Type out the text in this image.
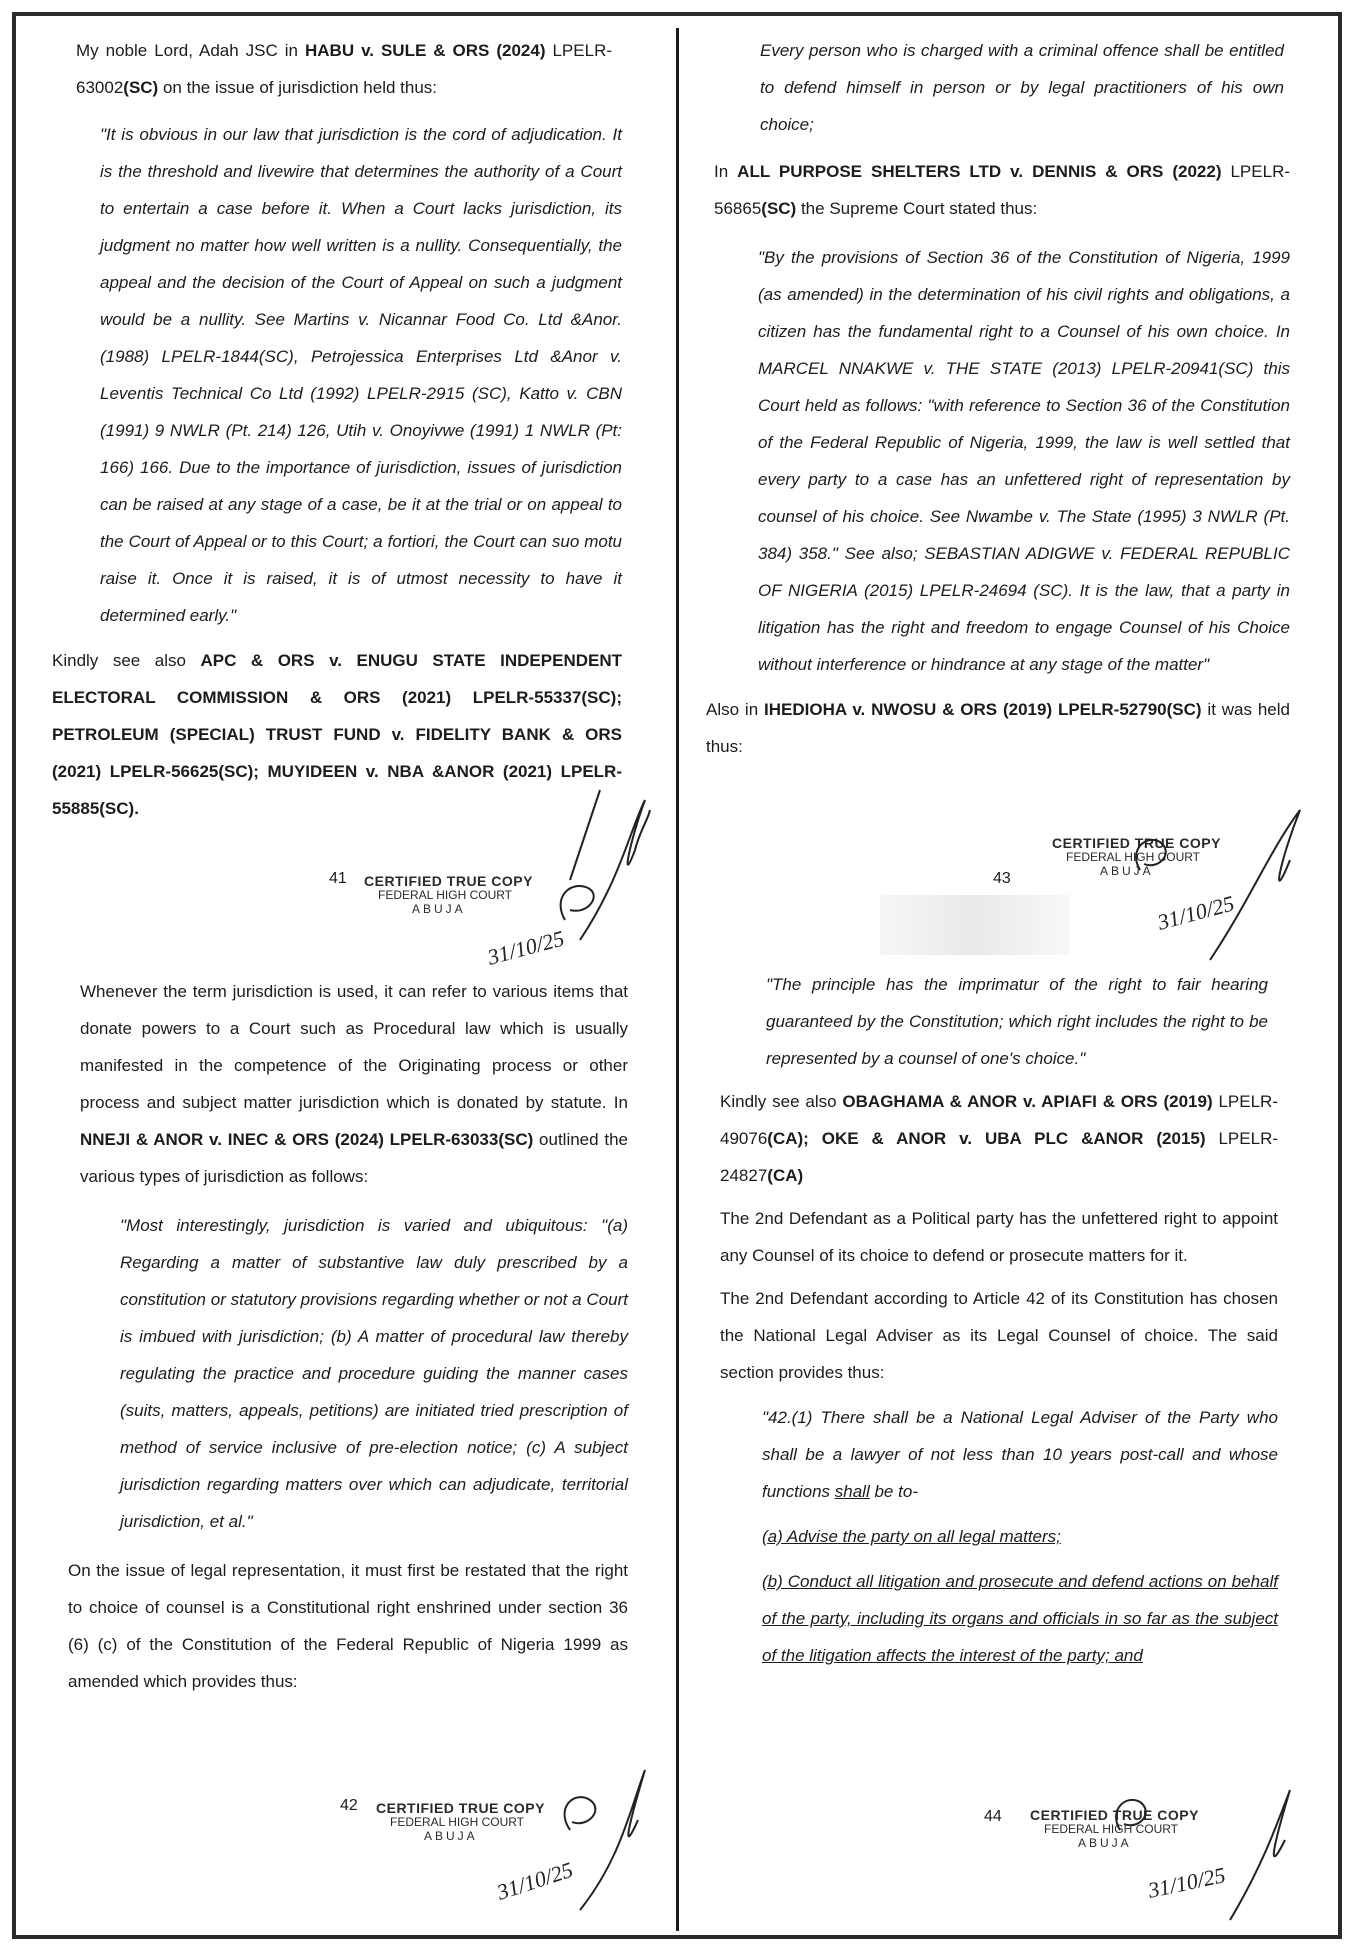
My noble Lord, Adah JSC in HABU v. SULE & ORS (2024) LPELR-63002(SC) on the issue of jurisdiction held thus:

"It is obvious in our law that jurisdiction is the cord of adjudication. It is the threshold and livewire that determines the authority of a Court to entertain a case before it. When a Court lacks jurisdiction, its judgment no matter how well written is a nullity. Consequentially, the appeal and the decision of the Court of Appeal on such a judgment would be a nullity. See Martins v. Nicannar Food Co. Ltd &Anor. (1988) LPELR-1844(SC), Petrojessica Enterprises Ltd &Anor v. Leventis Technical Co Ltd (1992) LPELR-2915 (SC), Katto v. CBN (1991) 9 NWLR (Pt. 214) 126, Utih v. Onoyivwe (1991) 1 NWLR (Pt: 166) 166. Due to the importance of jurisdiction, issues of jurisdiction can be raised at any stage of a case, be it at the trial or on appeal to the Court of Appeal or to this Court; a fortiori, the Court can suo motu raise it. Once it is raised, it is of utmost necessity to have it determined early."

Kindly see also APC & ORS v. ENUGU STATE INDEPENDENT ELECTORAL COMMISSION & ORS (2021) LPELR-55337(SC); PETROLEUM (SPECIAL) TRUST FUND v. FIDELITY BANK & ORS (2021) LPELR-56625(SC); MUYIDEEN v. NBA &ANOR (2021) LPELR-55885(SC).

41

Whenever the term jurisdiction is used, it can refer to various items that donate powers to a Court such as Procedural law which is usually manifested in the competence of the Originating process or other process and subject matter jurisdiction which is donated by statute. In NNEJI & ANOR v. INEC & ORS (2024) LPELR-63033(SC) outlined the various types of jurisdiction as follows:

"Most interestingly, jurisdiction is varied and ubiquitous: "(a) Regarding a matter of substantive law duly prescribed by a constitution or statutory provisions regarding whether or not a Court is imbued with jurisdiction; (b) A matter of procedural law thereby regulating the practice and procedure guiding the manner cases (suits, matters, appeals, petitions) are initiated tried prescription of method of service inclusive of pre-election notice; (c) A subject jurisdiction regarding matters over which can adjudicate, territorial jurisdiction, et al."

On the issue of legal representation, it must first be restated that the right to choice of counsel is a Constitutional right enshrined under section 36 (6) (c) of the Constitution of the Federal Republic of Nigeria 1999 as amended which provides thus:

42

Every person who is charged with a criminal offence shall be entitled to defend himself in person or by legal practitioners of his own choice;

In ALL PURPOSE SHELTERS LTD v. DENNIS & ORS (2022) LPELR-56865(SC) the Supreme Court stated thus:

"By the provisions of Section 36 of the Constitution of Nigeria, 1999 (as amended) in the determination of his civil rights and obligations, a citizen has the fundamental right to a Counsel of his own choice. In MARCEL NNAKWE v. THE STATE (2013) LPELR-20941(SC) this Court held as follows: "with reference to Section 36 of the Constitution of the Federal Republic of Nigeria, 1999, the law is well settled that every party to a case has an unfettered right of representation by counsel of his choice. See Nwambe v. The State (1995) 3 NWLR (Pt. 384) 358." See also; SEBASTIAN ADIGWE v. FEDERAL REPUBLIC OF NIGERIA (2015) LPELR-24694 (SC). It is the law, that a party in litigation has the right and freedom to engage Counsel of his Choice without interference or hindrance at any stage of the matter"

Also in IHEDIOHA v. NWOSU & ORS (2019) LPELR-52790(SC) it was held thus:

43

"The principle has the imprimatur of the right to fair hearing guaranteed by the Constitution; which right includes the right to be represented by a counsel of one's choice."

Kindly see also OBAGHAMA & ANOR v. APIAFI & ORS (2019) LPELR-49076(CA); OKE & ANOR v. UBA PLC &ANOR (2015) LPELR-24827(CA)

The 2nd Defendant as a Political party has the unfettered right to appoint any Counsel of its choice to defend or prosecute matters for it.

The 2nd Defendant according to Article 42 of its Constitution has chosen the National Legal Adviser as its Legal Counsel of choice. The said section provides thus:

"42.(1) There shall be a National Legal Adviser of the Party who shall be a lawyer of not less than 10 years post-call and whose functions shall be to-

(a) Advise the party on all legal matters;

(b) Conduct all litigation and prosecute and defend actions on behalf of the party, including its organs and officials in so far as the subject of the litigation affects the interest of the party; and

44
CERTIFIED TRUE COPY
FEDERAL HIGH COURT
ABUJA
CERTIFIED TRUE COPY
FEDERAL HIGH COURT
ABUJA
CERTIFIED TRUE COPY
FEDERAL HIGH COURT
ABUJA
CERTIFIED TRUE COPY
FEDERAL HIGH COURT
ABUJA
31/10/25
31/10/25
31/10/25
31/10/25
